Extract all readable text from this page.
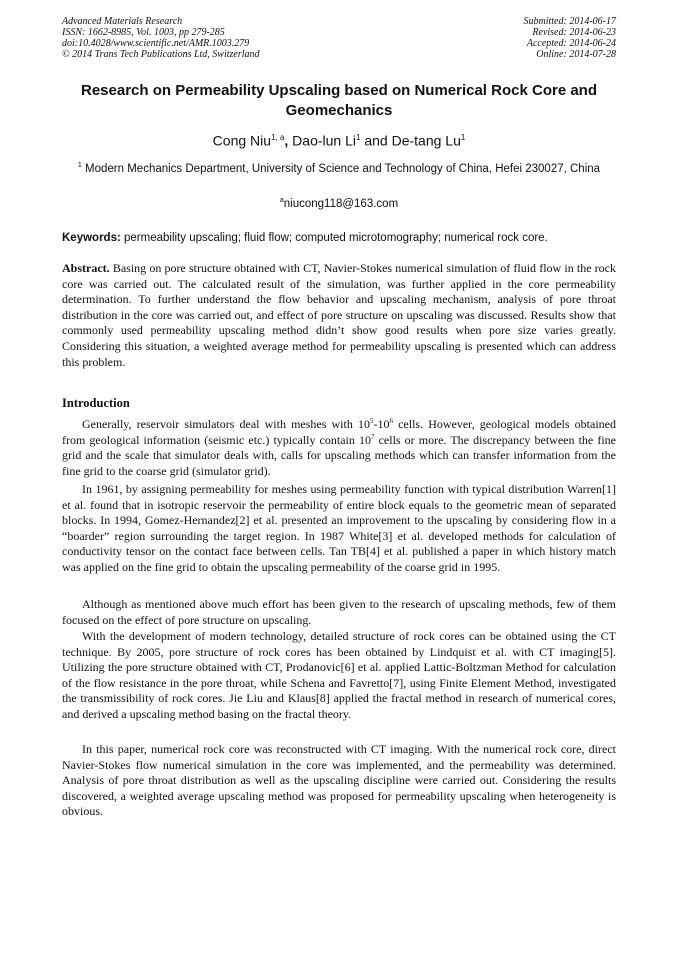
Advanced Materials Research
ISSN: 1662-8985, Vol. 1003, pp 279-285
doi:10.4028/www.scientific.net/AMR.1003.279
© 2014 Trans Tech Publications Ltd, Switzerland
Submitted: 2014-06-17
Revised: 2014-06-23
Accepted: 2014-06-24
Online: 2014-07-28
Research on Permeability Upscaling based on Numerical Rock Core and Geomechanics
Cong Niu$^{1, a}$, Dao-lun Li$^1$ and De-tang Lu$^1$
$^1$ Modern Mechanics Department, University of Science and Technology of China, Hefei 230027, China
$^a$niucong118@163.com
Keywords: permeability upscaling; fluid flow; computed microtomography; numerical rock core.

Abstract. Basing on pore structure obtained with CT, Navier-Stokes numerical simulation of fluid flow in the rock core was carried out. The calculated result of the simulation, was further applied in the core permeability determination. To further understand the flow behavior and upscaling mechanism, analysis of pore throat distribution in the core was carried out, and effect of pore structure on upscaling was discussed. Results show that commonly used permeability upscaling method didn’t show good results when pore size varies greatly. Considering this situation, a weighted average method for permeability upscaling is presented which can address this problem.

Introduction

Generally, reservoir simulators deal with meshes with $10^5-10^6$ cells. However, geological models obtained from geological information (seismic etc.) typically contain $10^7$ cells or more. The discrepancy between the fine grid and the scale that simulator deals with, calls for upscaling methods which can transfer information from the fine grid to the coarse grid (simulator grid).

In 1961, by assigning permeability for meshes using permeability function with typical distribution Warren[1] et al. found that in isotropic reservoir the permeability of entire block equals to the geometric mean of separated blocks. In 1994, Gomez-Hernandez[2] et al. presented an improvement to the upscaling by considering flow in a “boarder” region surrounding the target region. In 1987 White[3] et al. developed methods for calculation of conductivity tensor on the contact face between cells. Tan TB[4] et al. published a paper in which history match was applied on the fine grid to obtain the upscaling permeability of the coarse grid in 1995.

Although as mentioned above much effort has been given to the research of upscaling methods, few of them focused on the effect of pore structure on upscaling.

With the development of modern technology, detailed structure of rock cores can be obtained using the CT technique. By 2005, pore structure of rock cores has been obtained by Lindquist et al. with CT imaging[5]. Utilizing the pore structure obtained with CT, Prodanovic[6] et al. applied Lattic-Boltzman Method for calculation of the flow resistance in the pore throat, while Schena and Favretto[7], using Finite Element Method, investigated the transmissibility of rock cores. Jie Liu and Klaus[8] applied the fractal method in research of numerical cores, and derived a upscaling method basing on the fractal theory.

In this paper, numerical rock core was reconstructed with CT imaging. With the numerical rock core, direct Navier-Stokes flow numerical simulation in the core was implemented, and the permeability was determined. Analysis of pore throat distribution as well as the upscaling discipline were carried out. Considering the results discovered, a weighted average upscaling method was proposed for permeability upscaling when heterogeneity is obvious.
